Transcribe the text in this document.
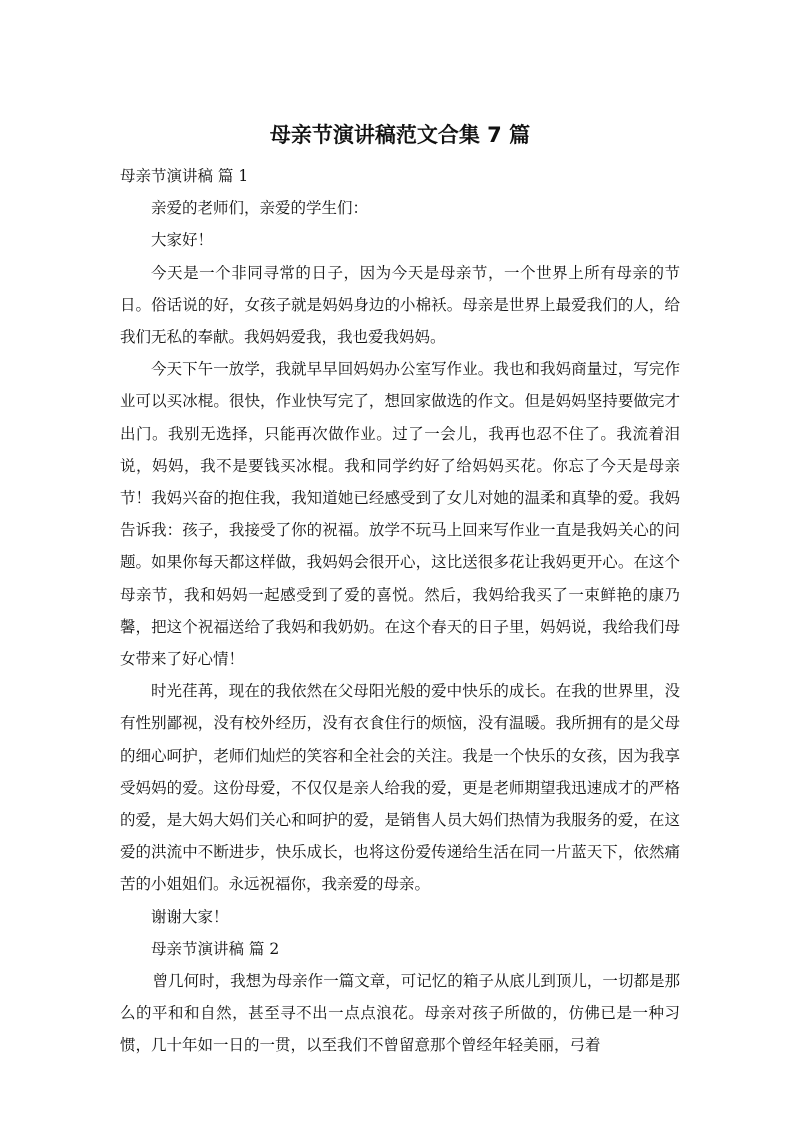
母亲节演讲稿范文合集 7 篇

母亲节演讲稿 篇 1

亲爱的老师们，亲爱的学生们：

大家好！

今天是一个非同寻常的日子，因为今天是母亲节，一个世界上所有母亲的节日。俗话说的好，女孩子就是妈妈身边的小棉袄。母亲是世界上最爱我们的人，给我们无私的奉献。我妈妈爱我，我也爱我妈妈。

今天下午一放学，我就早早回妈妈办公室写作业。我也和我妈商量过，写完作业可以买冰棍。很快，作业快写完了，想回家做选的作文。但是妈妈坚持要做完才出门。我别无选择，只能再次做作业。过了一会儿，我再也忍不住了。我流着泪说，妈妈，我不是要钱买冰棍。我和同学约好了给妈妈买花。你忘了今天是母亲节！我妈兴奋的抱住我，我知道她已经感受到了女儿对她的温柔和真挚的爱。我妈告诉我：孩子，我接受了你的祝福。放学不玩马上回来写作业一直是我妈关心的问题。如果你每天都这样做，我妈妈会很开心，这比送很多花让我妈更开心。在这个母亲节，我和妈妈一起感受到了爱的喜悦。然后，我妈给我买了一束鲜艳的康乃馨，把这个祝福送给了我妈和我奶奶。在这个春天的日子里，妈妈说，我给我们母女带来了好心情！

时光荏苒，现在的我依然在父母阳光般的爱中快乐的成长。在我的世界里，没有性别鄙视，没有校外经历，没有衣食住行的烦恼，没有温暖。我所拥有的是父母的细心呵护，老师们灿烂的笑容和全社会的关注。我是一个快乐的女孩，因为我享受妈妈的爱。这份母爱，不仅仅是亲人给我的爱，更是老师期望我迅速成才的严格的爱，是大妈大妈们关心和呵护的爱，是销售人员大妈们热情为我服务的爱，在这爱的洪流中不断进步，快乐成长，也将这份爱传递给生活在同一片蓝天下，依然痛苦的小姐姐们。永远祝福你，我亲爱的母亲。

谢谢大家！

母亲节演讲稿 篇 2

曾几何时，我想为母亲作一篇文章，可记忆的箱子从底儿到顶儿，一切都是那么的平和和自然，甚至寻不出一点点浪花。母亲对孩子所做的，仿佛已是一种习惯，几十年如一日的一贯，以至我们不曾留意那个曾经年轻美丽，弓着
